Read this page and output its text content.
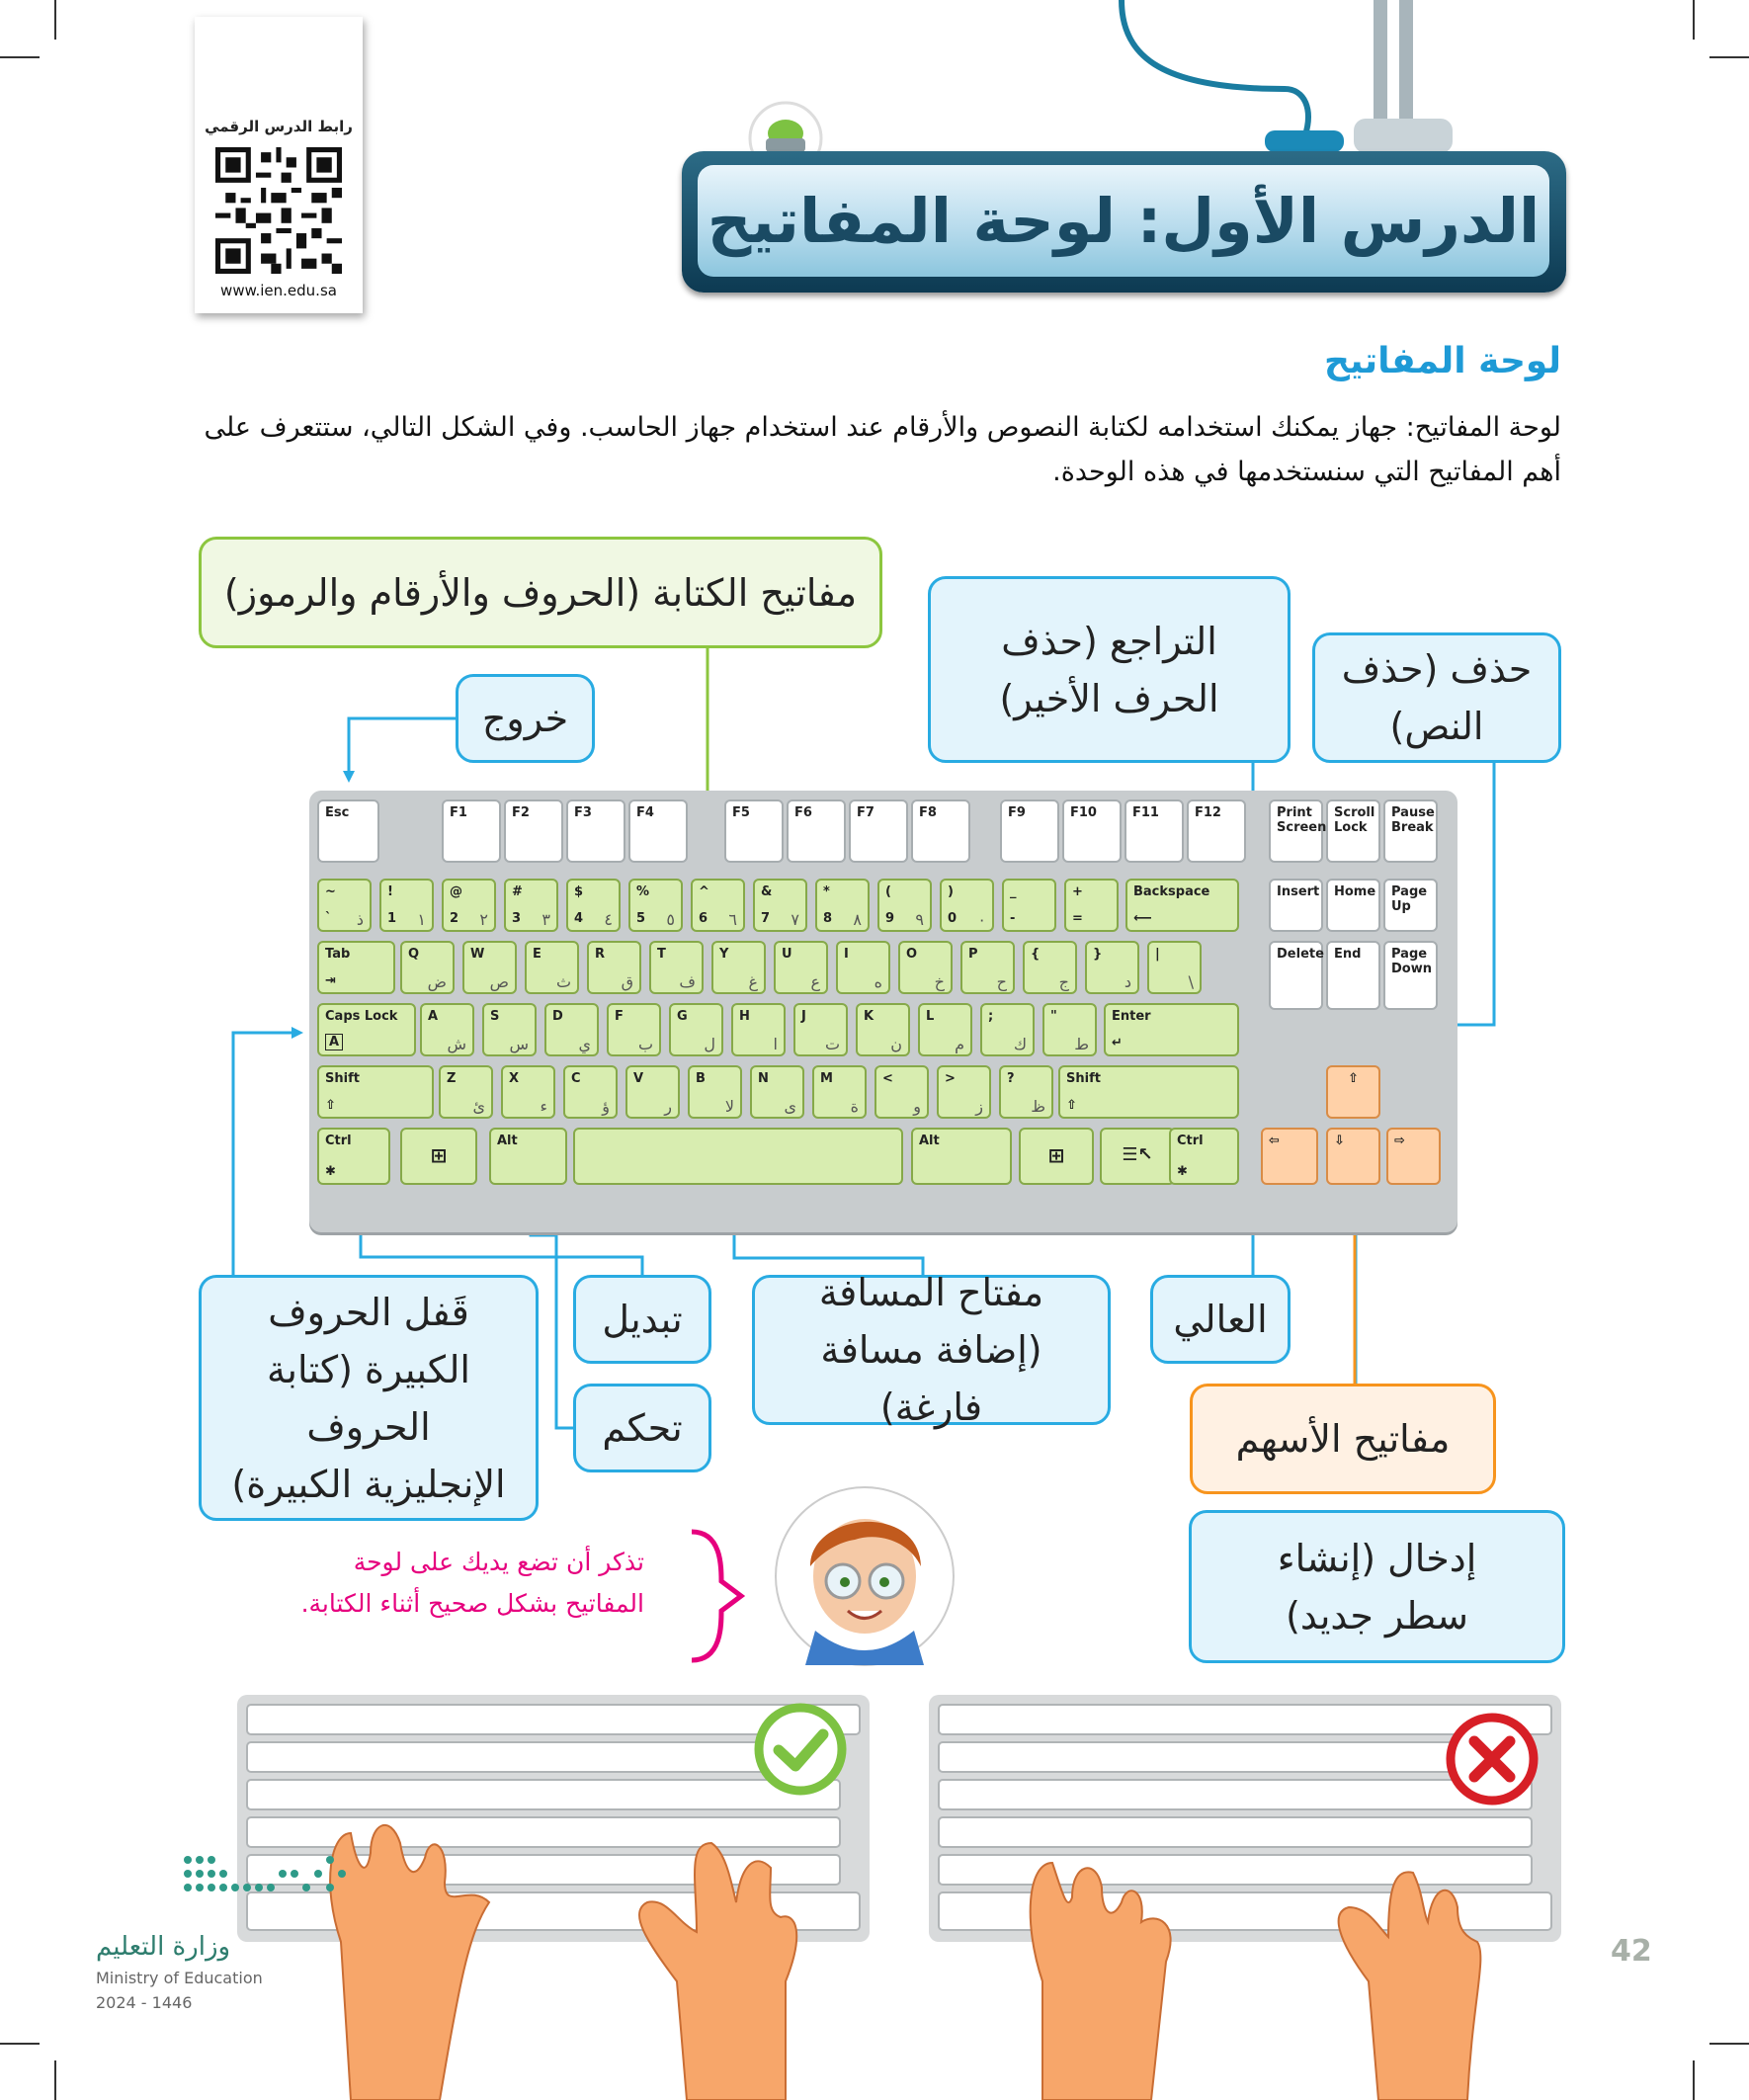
رابط الدرس الرقمي
www.ien.edu.sa
الدرس الأول: لوحة المفاتيح
لوحة المفاتيح
لوحة المفاتيح: جهاز يمكنك استخدامه لكتابة النصوص والأرقام عند استخدام جهاز الحاسب. وفي الشكل التالي، ستتعرف على أهم المفاتيح التي سنستخدمها في هذه الوحدة.
Esc	F1	F2	F3	F4	F5	F6	F7	F8	F9	F10	F11	F12	Print Screen
Scroll Lock
Pause Break
~
` ذ
!
1 ١
@
2 ٢
#
3 ٣
$
4 ٤
%
5 ٥
^
6 ٦
&
7 ٧
*
8 ٨
(
9 ٩
)
0 ٠
_
-
+
=
Backspace
⟵
Insert	Home	Page Up
Tab
⇥
Q
ض
W
ص
E
ث
R
ق
T
ف
Y
غ
U
ع
I
ه
O
خ
P
ح
{
ج
}
د
|
\
Delete End	Page Down
Caps Lock
A
A
ش
S
س
D
ي
F
ب
G
ل
H
ا
J
ت
K
ن
L
م
;
ك
"
ط
Enter
↵
Shift
⇧
Z
ئ
X
ء
C
ؤ
V
ر
B
لا
N
ى
M
ة
<
و
>
ز
?
ظ
Shift
⇧
⇧
Ctrl
✱
⊞
Alt	Alt
⊞	☰↖
Ctrl
✱
⇦	⇩	⇨
مفاتيح الكتابة (الحروف والأرقام والرموز)
التراجع (حذف الحرف الأخير)
حذف (حذف النص)
خروج
قَفل الحروف الكبيرة (كتابة الحروف الإنجليزية الكبيرة)
تبديل
تحكم
مفتاح المسافة (إضافة مسافة فارغة)
العالي
مفاتيح الأسهم
إدخال (إنشاء سطر جديد)
تذكر أن تضع يديك على لوحة المفاتيح بشكل صحيح أثناء الكتابة.
وزارة التعليم
Ministry of Education
2024 - 1446
42
